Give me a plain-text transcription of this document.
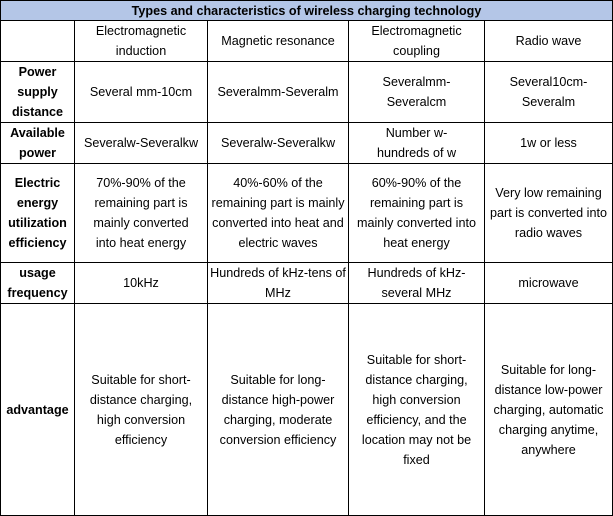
Types and characteristics of wireless charging technology				
	Electromagnetic induction	Magnetic resonance	Electromagnetic coupling	Radio wave
Power supply distance	Several mm-10cm	Severalmm-Severalm	Severalmm-Severalcm	Several10cm-Severalm
Available power	Severalw-Severalkw	Severalw-Severalkw	Number w-hundreds of w	1w or less
Electric energy utilization efficiency	70%-90% of the remaining part is mainly converted into heat energy	40%-60% of the remaining part is mainly converted into heat and electric waves	60%-90% of the remaining part is mainly converted into heat energy	Very low remaining part is converted into radio waves
usage frequency	10kHz	Hundreds of kHz-tens of MHz	Hundreds of kHz-several MHz	microwave
advantage	Suitable for short-distance charging, high conversion efficiency	Suitable for long-distance high-power charging, moderate conversion efficiency	Suitable for short-distance charging, high conversion efficiency, and the location may not be fixed	Suitable for long-distance low-power charging, automatic charging anytime, anywhere
